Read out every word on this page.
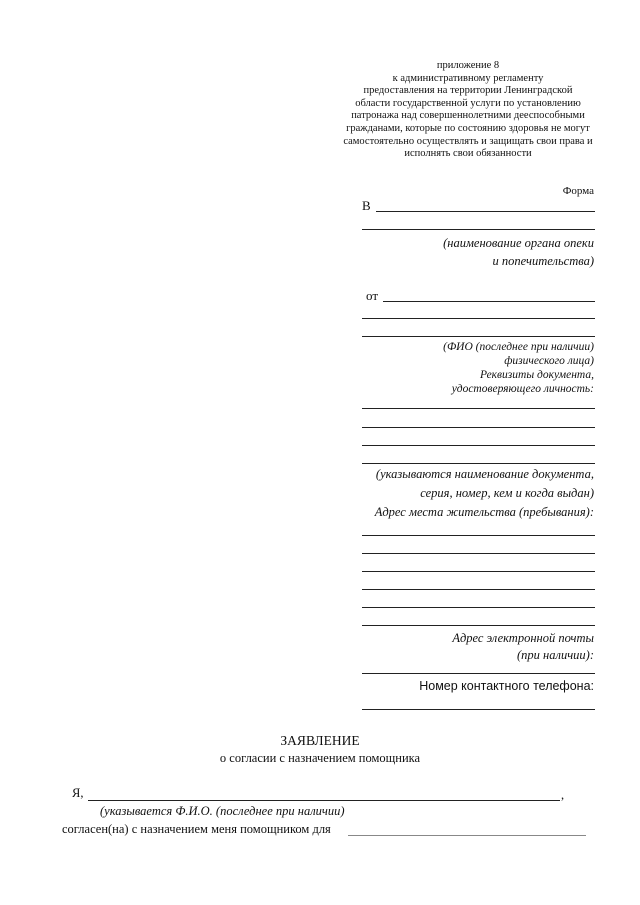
приложение 8
к административному регламенту
предоставления на территории Ленинградской
области государственной услуги по установлению
патронажа над совершеннолетними дееспособными
гражданами, которые по состоянию здоровья не могут
самостоятельно осуществлять и защищать свои права и
исполнять свои обязанности
Форма
В
(наименование органа опеки
и попечительства)
от
(ФИО (последнее при наличии)
физического лица)
Реквизиты документа,
удостоверяющего личность:
(указываются наименование документа,
серия, номер, кем и когда выдан)
Адрес места жительства (пребывания):
Адрес электронной почты
(при наличии):
Номер контактного телефона:
ЗАЯВЛЕНИЕ
о согласии с назначением помощника
Я,	,
(указывается Ф.И.О. (последнее при наличии)
согласен(на) с назначением меня помощником для
